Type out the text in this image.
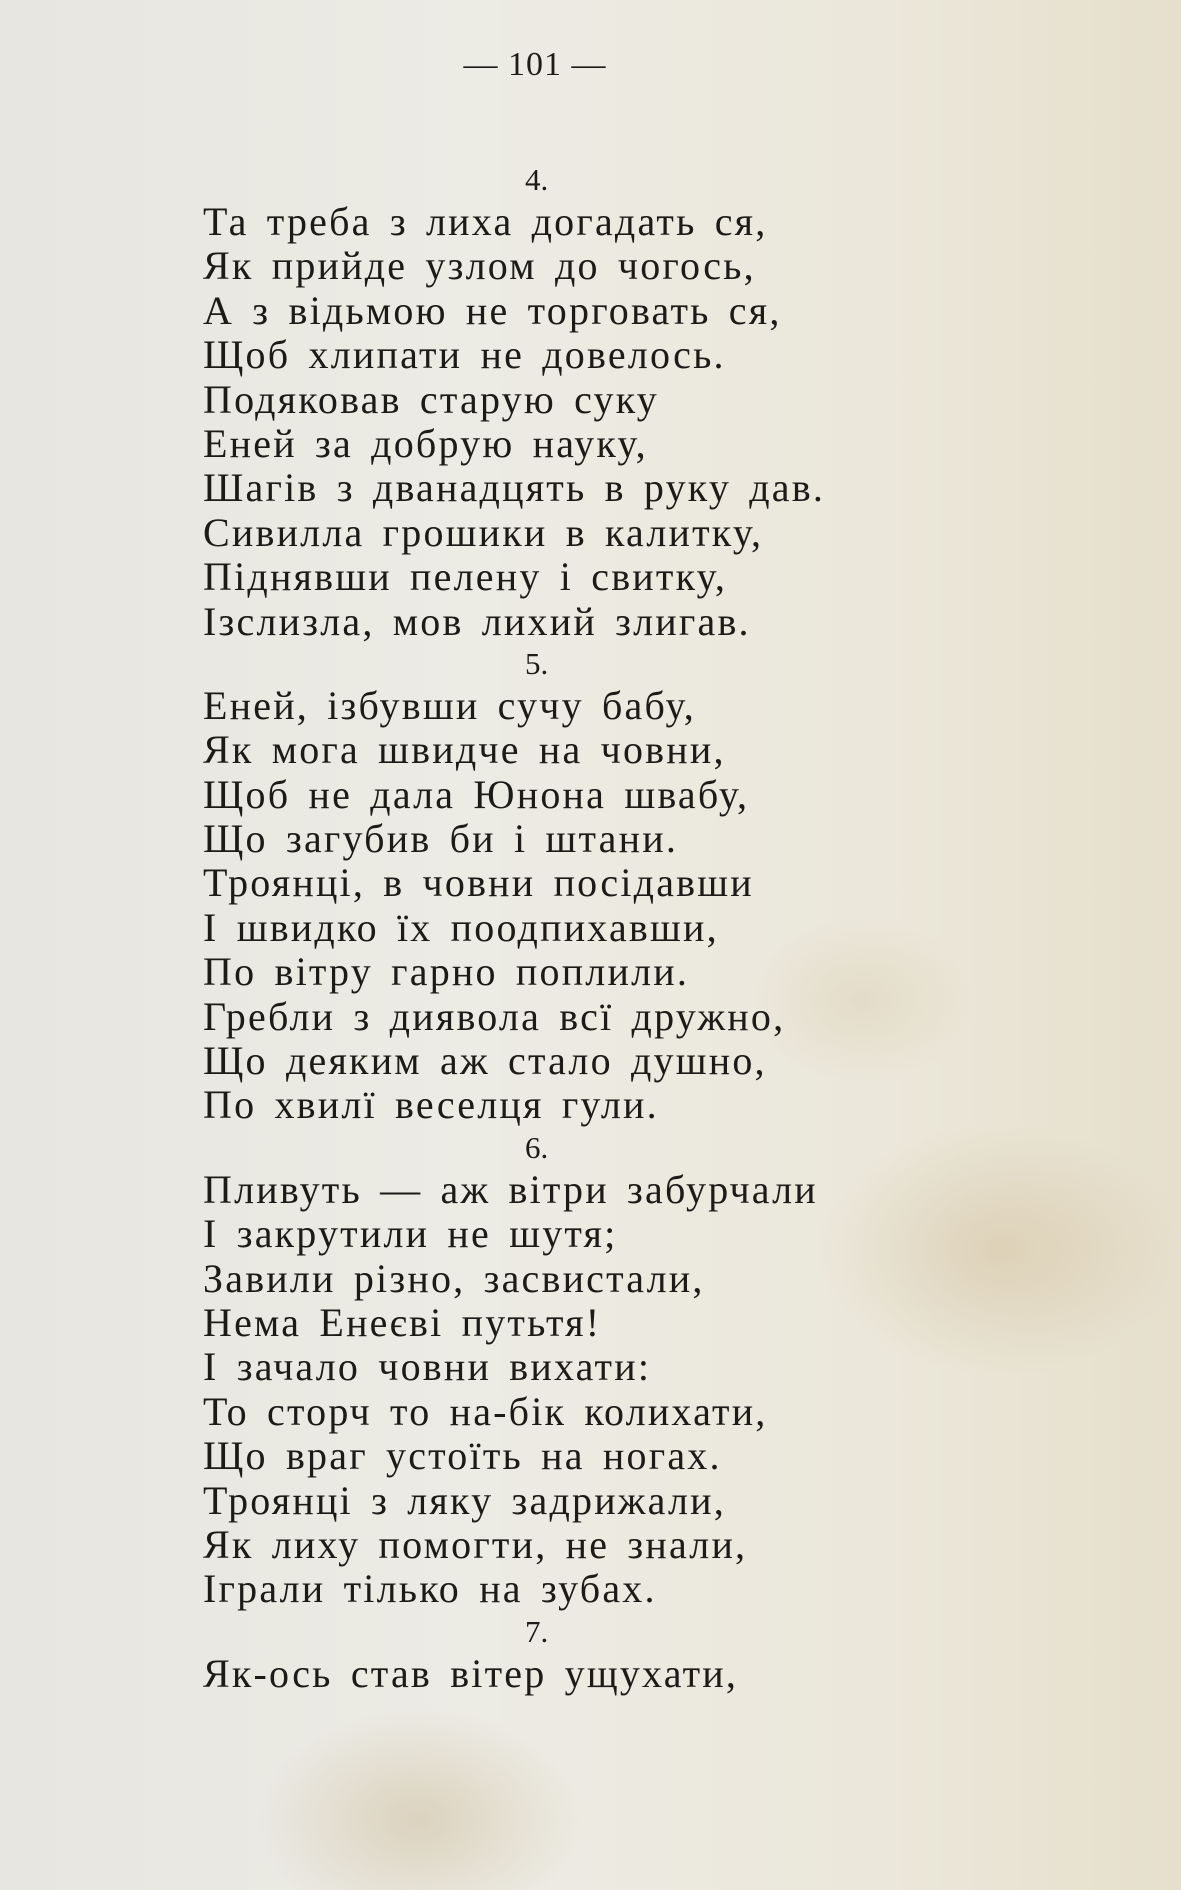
— 101 —
4.
Та треба з лиха догадать ся,
Як прийде узлом до чогось,
А з відьмою не торговать ся,
Щоб хлипати не довелось.
Подяковав старую суку
Еней за добрую науку,
Шагів з дванадцять в руку дав.
Сивилла грошики в калитку,
Піднявши пелену і свитку,
Ізслизла, мов лихий злигав.
5.
Еней, ізбувши сучу бабу,
Як мога швидче на човни,
Щоб не дала Юнона швабу,
Що загубив би і штани.
Троянці, в човни посідавши
І швидко їх поодпихавши,
По вітру гарно поплили.
Гребли з диявола всї дружно,
Що деяким аж стало душно,
По хвилї веселця гули.
6.
Пливуть — аж вітри забурчали
І закрутили не шутя;
Завили різно, засвистали,
Нема Енеєві путьтя!
І зачало човни вихати:
То сторч то на-бік колихати,
Що враг устоїть на ногах.
Троянці з ляку задрижали,
Як лиху помогти, не знали,
Іграли тілько на зубах.
7.
Як-ось став вітер ущухати,
